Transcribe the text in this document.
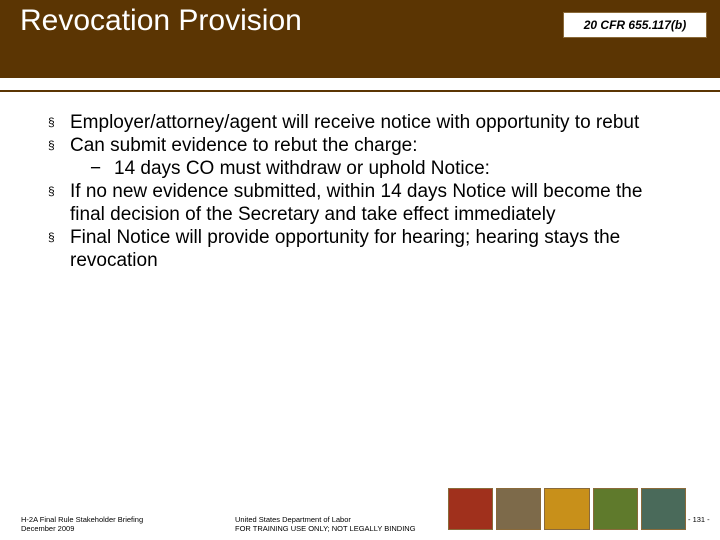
Revocation Provision	20 CFR 655.117(b)
§ Employer/attorney/agent will receive notice with opportunity to rebut
§ Can submit evidence to rebut the charge:
− 14 days CO must withdraw or uphold Notice:
§ If no new evidence submitted, within 14 days Notice will become the final decision of the Secretary and take effect immediately
§ Final Notice will provide opportunity for hearing; hearing stays the revocation
H-2A Final Rule Stakeholder Briefing
December 2009
United States Department of Labor
FOR TRAINING USE ONLY; NOT LEGALLY BINDING
- 131 -
